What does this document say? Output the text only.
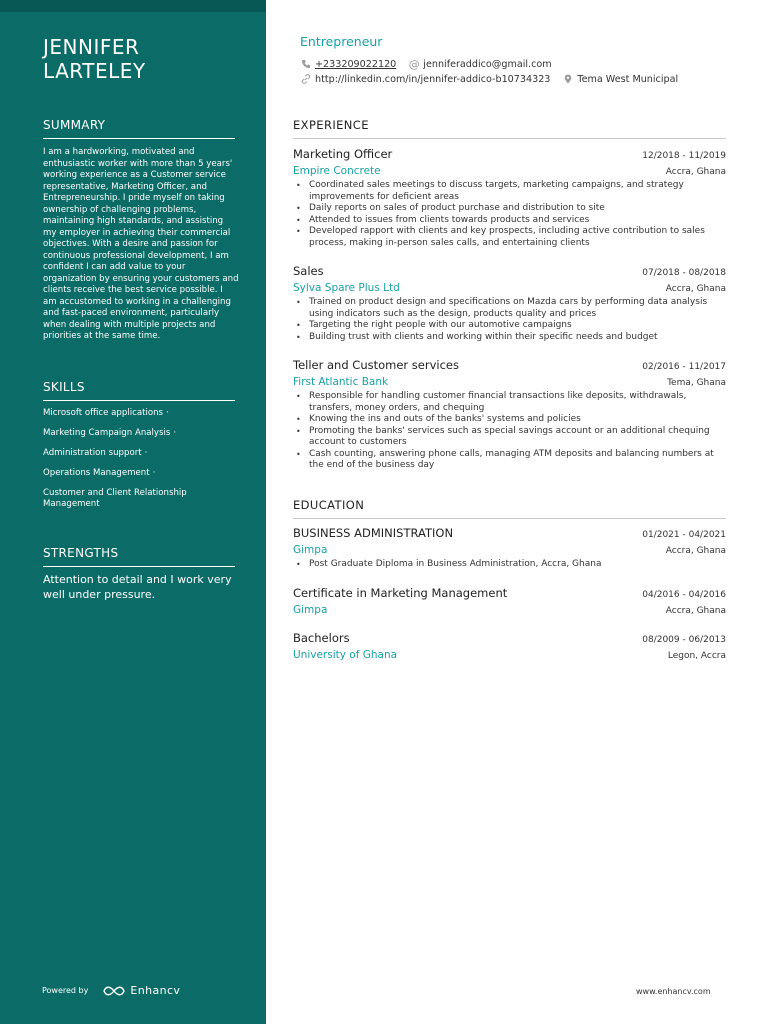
JENNIFER
LARTELEY
SUMMARY
I am a hardworking, motivated and enthusiastic worker with more than 5 years' working experience as a Customer service representative, Marketing Officer, and Entrepreneurship. I pride myself on taking ownership of challenging problems, maintaining high standards, and assisting my employer in achieving their commercial objectives. With a desire and passion for continuous professional development, I am confident I can add value to your organization by ensuring your customers and clients receive the best service possible. I am accustomed to working in a challenging and fast-paced environment, particularly when dealing with multiple projects and priorities at the same time.
SKILLS
Microsoft office applications ·
Marketing Campaign Analysis ·
Administration support ·
Operations Management ·
Customer and Client Relationship Management
STRENGTHS
Attention to detail and I work very well under pressure.
Powered by	Enhancv
Entrepreneur
+233209022120 @ jenniferaddico@gmail.com
http://linkedin.com/in/jennifer-addico-b10734323	Tema West Municipal
EXPERIENCE
Marketing Officer	12/2018 - 11/2019
Empire Concrete	Accra, Ghana
• Coordinated sales meetings to discuss targets, marketing campaigns, and strategy improvements for deficient areas
• Daily reports on sales of product purchase and distribution to site
• Attended to issues from clients towards products and services
• Developed rapport with clients and key prospects, including active contribution to sales process, making in-person sales calls, and entertaining clients
Sales	07/2018 - 08/2018
Sylva Spare Plus Ltd	Accra, Ghana
• Trained on product design and specifications on Mazda cars by performing data analysis using indicators such as the design, products quality and prices
• Targeting the right people with our automotive campaigns
• Building trust with clients and working within their specific needs and budget
Teller and Customer services	02/2016 - 11/2017
First Atlantic Bank	Tema, Ghana
• Responsible for handling customer financial transactions like deposits, withdrawals, transfers, money orders, and chequing
• Knowing the ins and outs of the banks' systems and policies
• Promoting the banks' services such as special savings account or an additional chequing account to customers
• Cash counting, answering phone calls, managing ATM deposits and balancing numbers at the end of the business day
EDUCATION
BUSINESS ADMINISTRATION	01/2021 - 04/2021
Gimpa	Accra, Ghana
• Post Graduate Diploma in Business Administration, Accra, Ghana
Certificate in Marketing Management	04/2016 - 04/2016
Gimpa	Accra, Ghana
Bachelors	08/2009 - 06/2013
University of Ghana	Legon, Accra
www.enhancv.com
